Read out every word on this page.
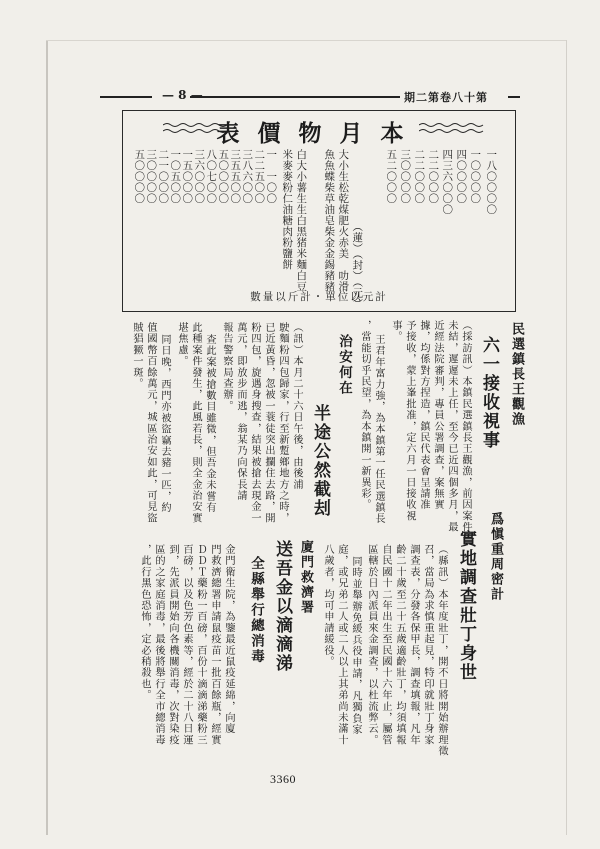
— 8 —	期二第卷八十第
表價物月本
五〇〇〇〇 三〇〇〇〇 二一〇〇〇 一〇五〇〇 一五〇〇〇 三六〇〇〇 八〇七〇〇 五〇〇〇〇 三五五〇〇 三八六〇〇 二二五〇〇 一　一〇〇 米麥麥粉仁油糖肉粉鹽餅 白大小薯生生白黑猪米麵白豆 魚魚蝶柴草油皂柴金金錫豬豬 大小生松乾煤肥火赤美　叻滑 　　　　　　　（蓮）（封）（元） 五二〇〇〇 三〇〇〇〇 二二〇〇〇 二二〇〇〇 四三六〇〇〇 四〇〇〇〇 一〇〇〇〇 一八〇〇〇〇
數量以斤計・單位以元計
民選鎮長王觀漁
六一接收視事
（採訪訊）本鎮民選鎮長王觀漁，前因案件
未結，遲遲未上任，至今已近四個多月，最
近經法院審判，專員公署調查，案無實
據，均係對方捏造，鎮民代表會呈請准
予接收，蒙上峯批准，定六月一日接收視
事。
王君年富力強，為本鎮第一任民選鎮長
，當能切乎民望，為本鎮開一新異彩。
治安何在
半途公然截刦
（訊）本月二十六日午後，由後浦
駛麵粉四包歸家，行至新蹔鄉地方之時，
已近黃昏，忽被一蓑徒突出攔住去路，開
粉四包，旋遇身搜查，結果被搶去現金一
萬元，即放步而逃，翁某乃向保長請
報告警察局查辦。
查此案被搶數目雖微，但吾金未嘗有
此種案件發生，此風若長，則全金治安實
堪焦慮。
同日晚，西門亦被盜竊去豬一匹，約
值國幣百餘萬元，城區治安如此，可見盜
賊猖獗一斑。
爲愼重周密計
實地調查壯丁身世
（縣訊）本年度壯丁，開不日將開始辦理徵
召，當局為求慎重起見，特印就壯丁身家
調查表，分發各保甲長，調查填報，凡年
齡二十歲至二十五歲適齡壯丁，均須填報
自民國十二年出生至民國十六年止，屬管
區轄於日內派員來金調查，以杜流弊云。
同時並舉辦免緩兵役申請，凡獨負家
庭，或兄弟二人或二人以上其弟尚未滿十
八歲者，均可申請緩役。
廈門救濟署
送吾金以滴滴涕
全縣舉行總消毒
金門衛生院，為鑒最近鼠疫延綿，向廈
門救濟總署申請鼠疫苗一批百餘瓶，經實
ＤＤＴ藥粉一百磅，百份十滴滴涕藥粉三
百磅，以及色芳色素等，經於二十八日運
到，先派員開始向各機關消毒，次對染疫
區的之家庭消毒，最後將舉行全市總消毒
，此行黑色恐怖，定必稍殺也。
3360
